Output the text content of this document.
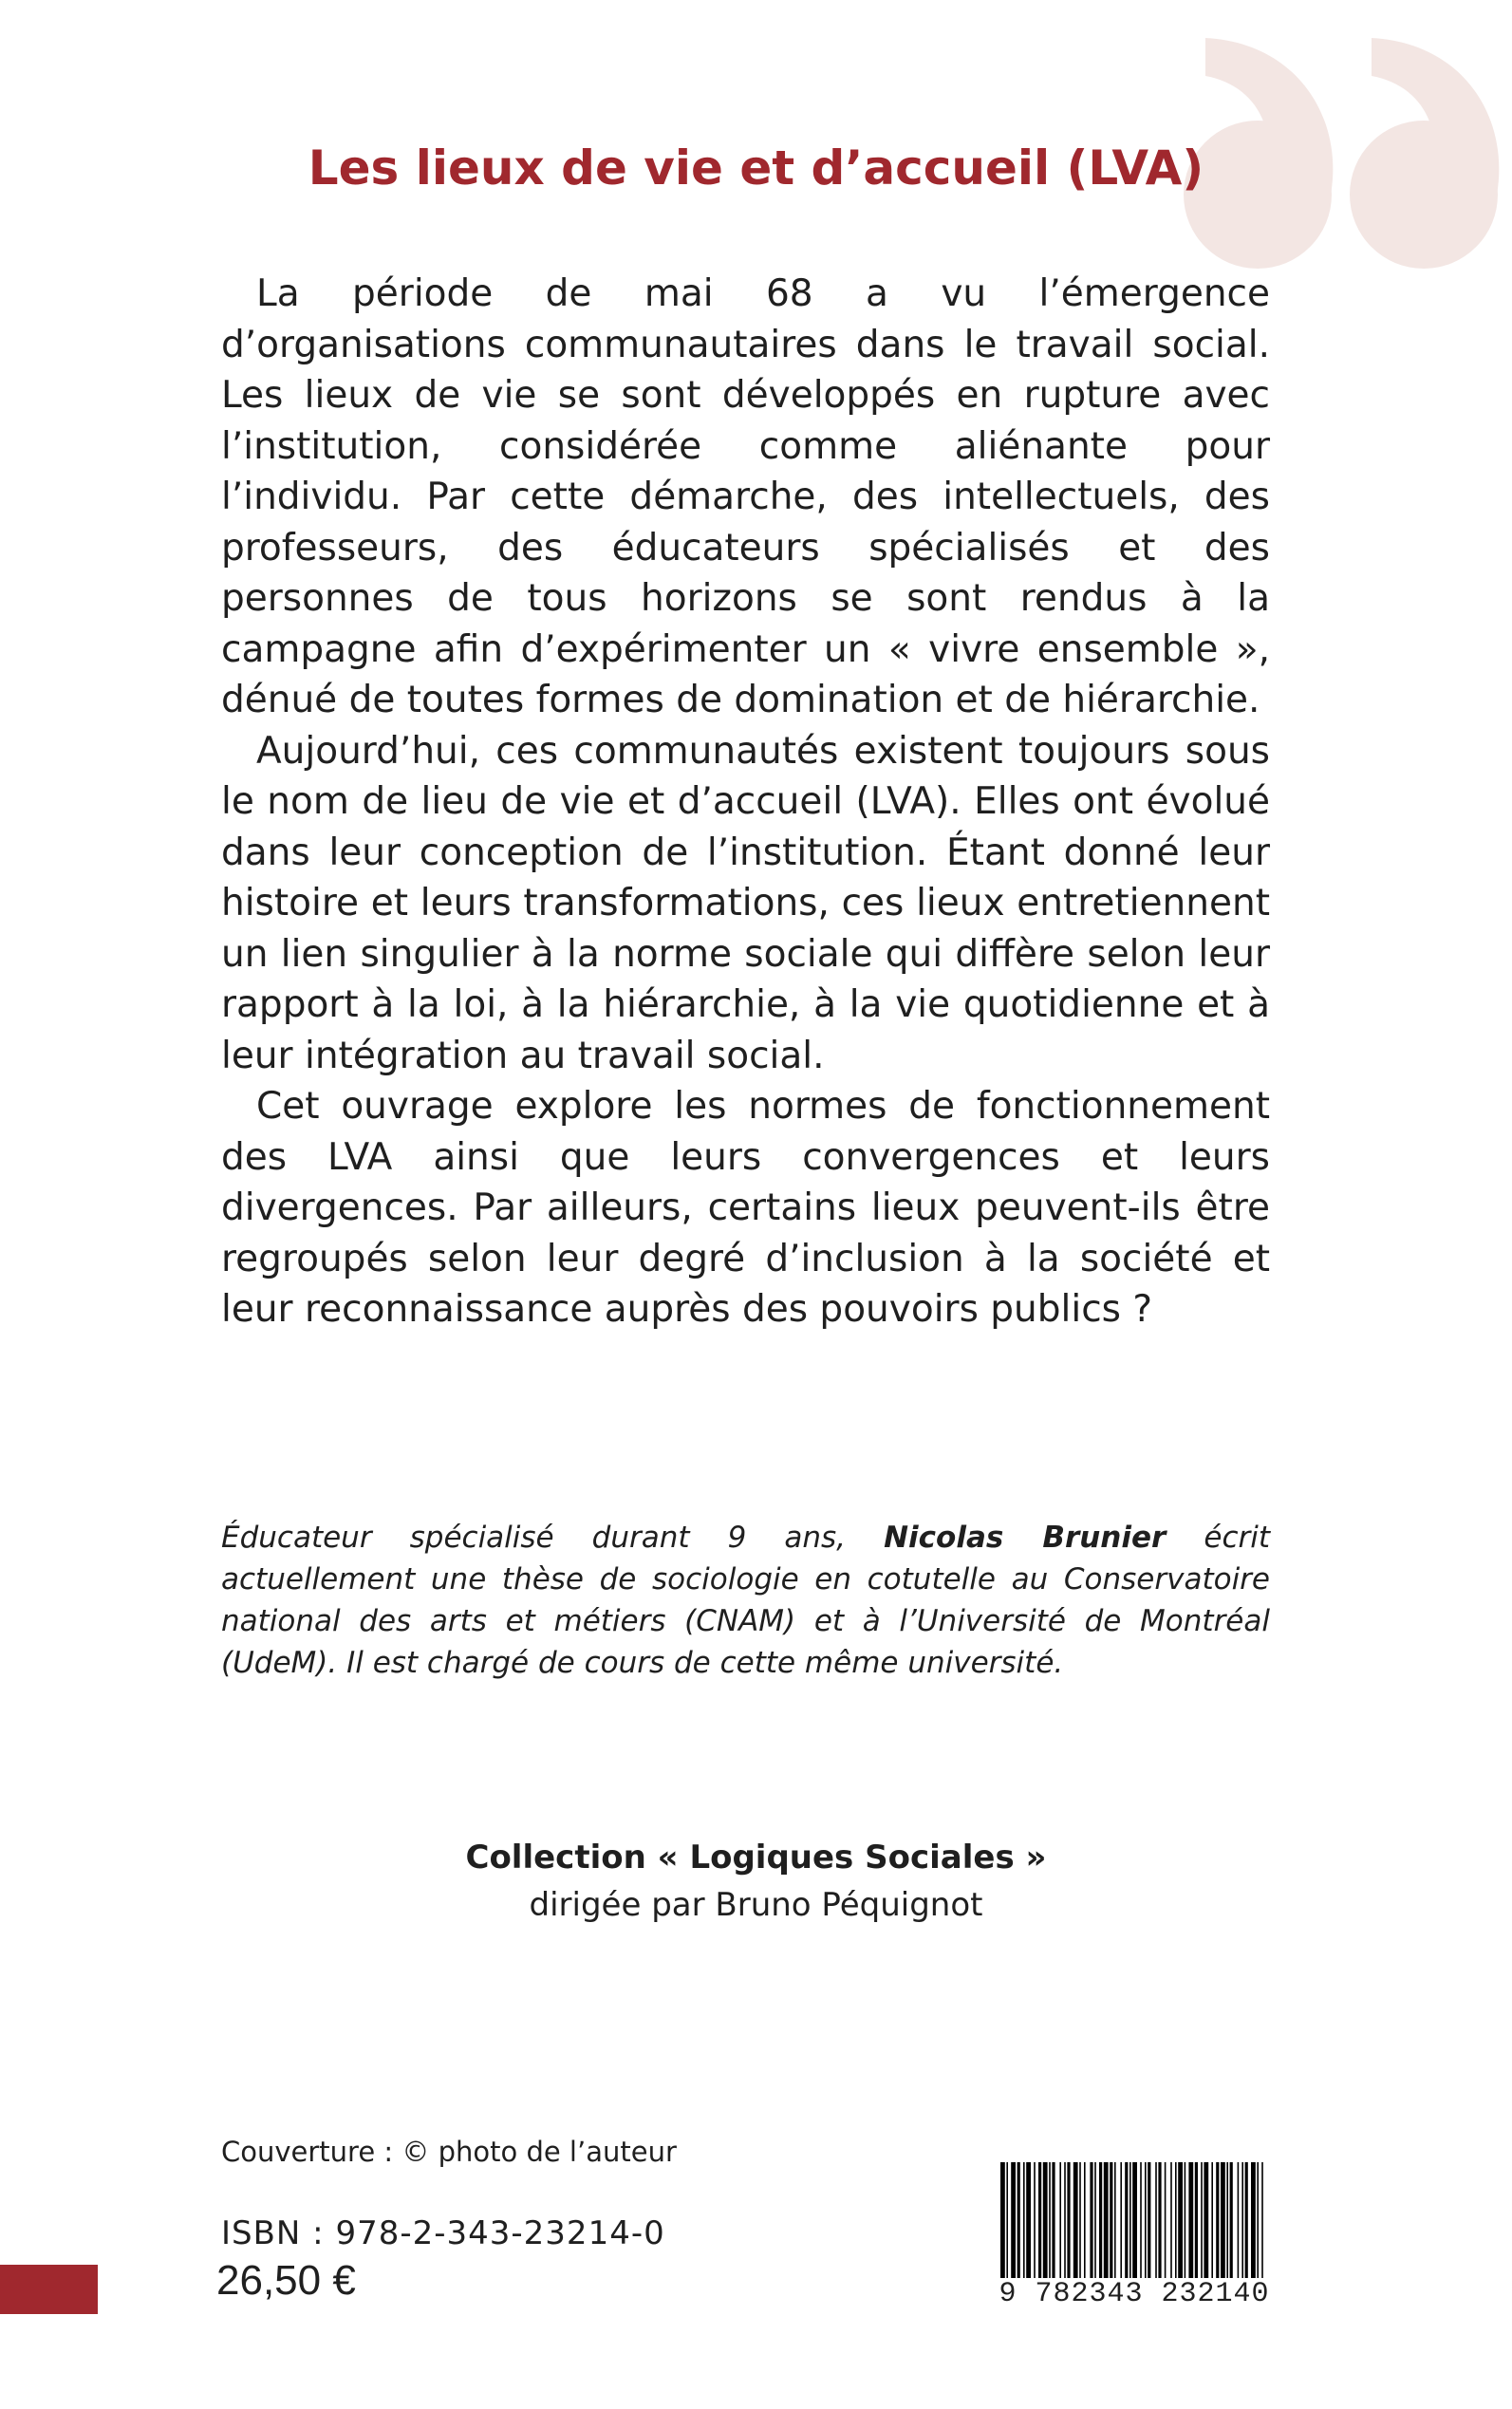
Les lieux de vie et d’accueil (LVA)

La période de mai 68 a vu l’émergence d’organisations communautaires dans le travail social. Les lieux de vie se sont développés en rupture avec l’institution, considérée comme aliénante pour l’individu. Par cette démarche, des intellectuels, des professeurs, des éducateurs spécialisés et des personnes de tous horizons se sont rendus à la campagne afin d’expérimenter un « vivre ensemble », dénué de toutes formes de domination et de hiérarchie.

Aujourd’hui, ces communautés existent toujours sous le nom de lieu de vie et d’accueil (LVA). Elles ont évolué dans leur conception de l’institution. Étant donné leur histoire et leurs transformations, ces lieux entretiennent un lien singulier à la norme sociale qui diffère selon leur rapport à la loi, à la hiérarchie, à la vie quotidienne et à leur intégration au travail social.

Cet ouvrage explore les normes de fonctionnement des LVA ainsi que leurs convergences et leurs divergences. Par ailleurs, certains lieux peuvent-ils être regroupés selon leur degré d’inclusion à la société et leur reconnaissance auprès des pouvoirs publics ?

Éducateur spécialisé durant 9 ans, Nicolas Brunier écrit actuellement une thèse de sociologie en cotutelle au Conservatoire national des arts et métiers (CNAM) et à l’Université de Montréal (UdeM). Il est chargé de cours de cette même université.

Collection « Logiques Sociales »
dirigée par Bruno Péquignot
Couverture : © photo de l’auteur
ISBN : 978-2-343-23214-0
26,50 €	9 782343 232140
